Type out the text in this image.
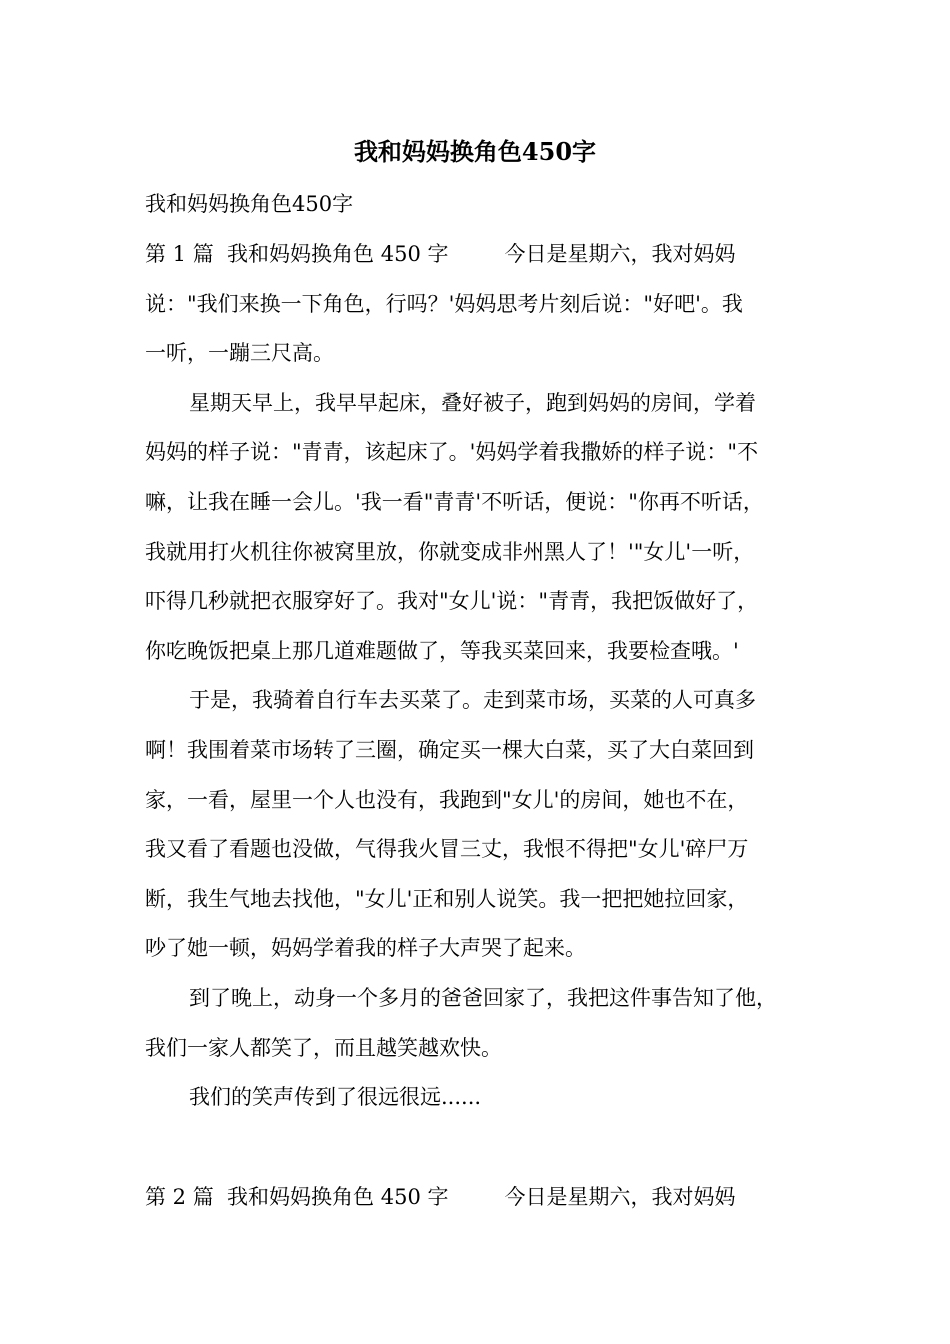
我和妈妈换角色450字
我和妈妈换角色450字
第 1 篇  我和妈妈换角色 450 字	今日是星期六，我对妈妈
说："我们来换一下角色，行吗？'妈妈思考片刻后说："好吧'。我
一听，一蹦三尺高。
星期天早上，我早早起床，叠好被子，跑到妈妈的房间，学着
妈妈的样子说："青青，该起床了。'妈妈学着我撒娇的样子说："不
嘛，让我在睡一会儿。'我一看"青青'不听话，便说："你再不听话，
我就用打火机往你被窝里放，你就变成非州黑人了！'"女儿'一听，
吓得几秒就把衣服穿好了。我对"女儿'说："青青，我把饭做好了，
你吃晚饭把桌上那几道难题做了，等我买菜回来，我要检查哦。'
于是，我骑着自行车去买菜了。走到菜市场，买菜的人可真多
啊！我围着菜市场转了三圈，确定买一棵大白菜，买了大白菜回到
家，一看，屋里一个人也没有，我跑到"女儿'的房间，她也不在，
我又看了看题也没做，气得我火冒三丈，我恨不得把"女儿'碎尸万
断，我生气地去找他，"女儿'正和别人说笑。我一把把她拉回家，
吵了她一顿，妈妈学着我的样子大声哭了起来。
到了晚上，动身一个多月的爸爸回家了，我把这件事告知了他，
我们一家人都笑了，而且越笑越欢快。
我们的笑声传到了很远很远......
第 2 篇  我和妈妈换角色 450 字	今日是星期六，我对妈妈
